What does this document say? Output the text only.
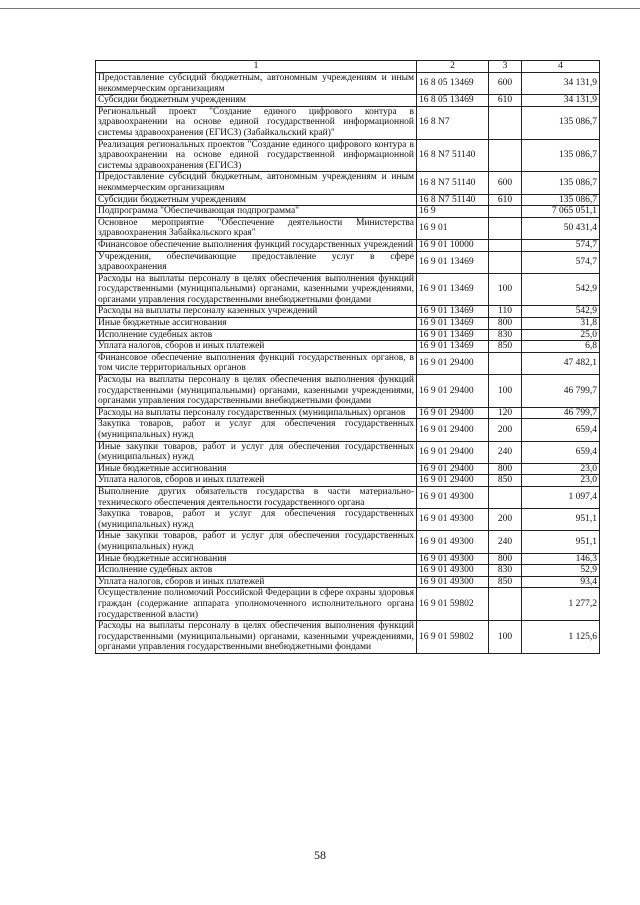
1	2	3	4
Предоставление субсидий бюджетным, автономным учреждениям и иным некоммерческим организациям	16 8 05 13469	600	34 131,9
Субсидии бюджетным учреждениям	16 8 05 13469	610	34 131,9
Региональный проект "Создание единого цифрового контура в здравоохранении на основе единой государственной информационной системы здравоохранения (ЕГИСЗ) (Забайкальский край)"	16 8 N7		135 086,7
Реализация региональных проектов "Создание единого цифрового контура в здравоохранении на основе единой государственной информационной системы здравоохранения (ЕГИСЗ)	16 8 N7 51140		135 086,7
Предоставление субсидий бюджетным, автономным учреждениям и иным некоммерческим организациям	16 8 N7 51140	600	135 086,7
Субсидии бюджетным учреждениям	16 8 N7 51140	610	135 086,7
Подпрограмма "Обеспечивающая подпрограмма"	16 9		7 065 051,1
Основное мероприятие "Обеспечение деятельности Министерства здравоохранения Забайкальского края"	16 9 01		50 431,4
Финансовое обеспечение выполнения функций государственных учреждений	16 9 01 10000		574,7
Учреждения, обеспечивающие предоставление услуг в сфере здравоохранения	16 9 01 13469		574,7
Расходы на выплаты персоналу в целях обеспечения выполнения функций государственными (муниципальными) органами, казенными учреждениями, органами управления государственными внебюджетными фондами	16 9 01 13469	100	542,9
Расходы на выплаты персоналу казенных учреждений	16 9 01 13469	110	542,9
Иные бюджетные ассигнования	16 9 01 13469	800	31,8
Исполнение судебных актов	16 9 01 13469	830	25,0
Уплата налогов, сборов и иных платежей	16 9 01 13469	850	6,8
Финансовое обеспечение выполнения функций государственных органов, в том числе территориальных органов	16 9 01 29400		47 482,1
Расходы на выплаты персоналу в целях обеспечения выполнения функций государственными (муниципальными) органами, казенными учреждениями, органами управления государственными внебюджетными фондами	16 9 01 29400	100	46 799,7
Расходы на выплаты персоналу государственных (муниципальных) органов	16 9 01 29400	120	46 799,7
Закупка товаров, работ и услуг для обеспечения государственных (муниципальных) нужд	16 9 01 29400	200	659,4
Иные закупки товаров, работ и услуг для обеспечения государственных (муниципальных) нужд	16 9 01 29400	240	659,4
Иные бюджетные ассигнования	16 9 01 29400	800	23,0
Уплата налогов, сборов и иных платежей	16 9 01 29400	850	23,0
Выполнение других обязательств государства в части материально-технического обеспечения деятельности государственного органа	16 9 01 49300		1 097,4
Закупка товаров, работ и услуг для обеспечения государственных (муниципальных) нужд	16 9 01 49300	200	951,1
Иные закупки товаров, работ и услуг для обеспечения государственных (муниципальных) нужд	16 9 01 49300	240	951,1
Иные бюджетные ассигнования	16 9 01 49300	800	146,3
Исполнение судебных актов	16 9 01 49300	830	52,9
Уплата налогов, сборов и иных платежей	16 9 01 49300	850	93,4
Осуществление полномочий Российской Федерации в сфере охраны здоровья граждан (содержание аппарата уполномоченного исполнительного органа государственной власти)	16 9 01 59802		1 277,2
Расходы на выплаты персоналу в целях обеспечения выполнения функций государственными (муниципальными) органами, казенными учреждениями, органами управления государственными внебюджетными фондами	16 9 01 59802	100	1 125,6
58
